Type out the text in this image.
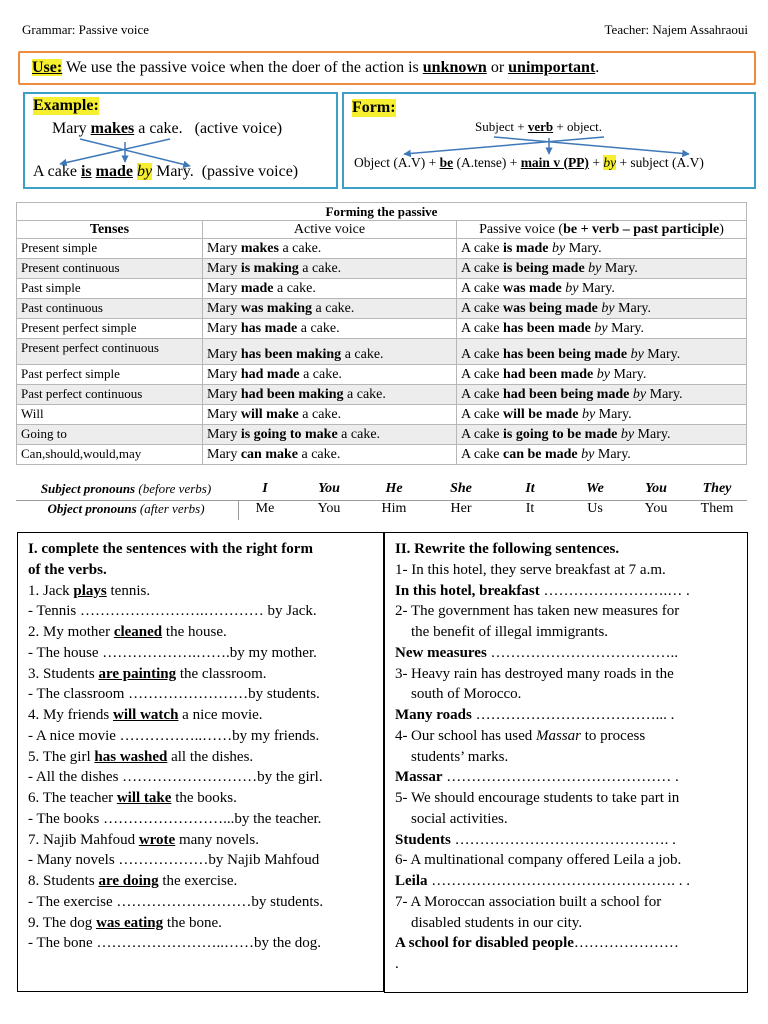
Grammar: Passive voice	Teacher: Najem Assahraoui
Use: We use the passive voice when the doer of the action is unknown or unimportant.
Example:
Mary makes a cake. (active voice)
A cake is made by Mary. (passive voice)
Form:
Subject + verb + object.
Object (A.V) + be (A.tense) + main v (PP) + by + subject (A.V)
Forming the passive		
Tenses	Active voice	Passive voice (be + verb – past participle)
Present simple	Mary makes a cake.	A cake is made by Mary.
Present continuous	Mary is making a cake.	A cake is being made by Mary.
Past simple	Mary made a cake.	A cake was made by Mary.
Past continuous	Mary was making a cake.	A cake was being made by Mary.
Present perfect simple	Mary has made a cake.	A cake has been made by Mary.
Present perfect continuous	Mary has been making a cake.	A cake has been being made by Mary.
Past perfect simple	Mary had made a cake.	A cake had been made by Mary.
Past perfect continuous	Mary had been making a cake.	A cake had been being made by Mary.
Will	Mary will make a cake.	A cake will be made by Mary.
Going to	Mary is going to make a cake.	A cake is going to be made by Mary.
Can,should,would,may	Mary can make a cake.	A cake can be made by Mary.
Subject pronouns (before verbs)	I	You	He	She	It	We	You	They
Object pronouns (after verbs)	Me	You	Him	Her	It	Us	You	Them
I. complete the sentences with the right form
of the verbs.
1. Jack plays tennis.
- Tennis …………………….………… by Jack.
2. My mother cleaned the house.
- The house ……………….…….by my mother.
3. Students are painting the classroom.
- The classroom ……………………by students.
4. My friends will watch a nice movie.
- A nice movie ……………..……by my friends.
5. The girl has washed all the dishes.
- All the dishes ………………………by the girl.
6. The teacher will take the books.
- The books ……………………...by the teacher.
7. Najib Mahfoud wrote many novels.
- Many novels ………………by Najib Mahfoud
8. Students are doing the exercise.
- The exercise ………………………by students.
9. The dog was eating the bone.
- The bone ……………………..……by the dog.
II. Rewrite the following sentences.
1- In this hotel, they serve breakfast at 7 a.m.
In this hotel, breakfast …………………….… .
2- The government has taken new measures for
the benefit of illegal immigrants.
New measures ………………………………..
3- Heavy rain has destroyed many roads in the
south of Morocco.
Many roads ………………………………... .
4- Our school has used Massar to process
students’ marks.
Massar ……………………………………… .
5- We should encourage students to take part in
social activities.
Students ……………………………………. .
6- A multinational company offered Leila a job.
Leila …………………………………………. . .
7- A Moroccan association built a school for
disabled students in our city.
A school for disabled people…………………
.
